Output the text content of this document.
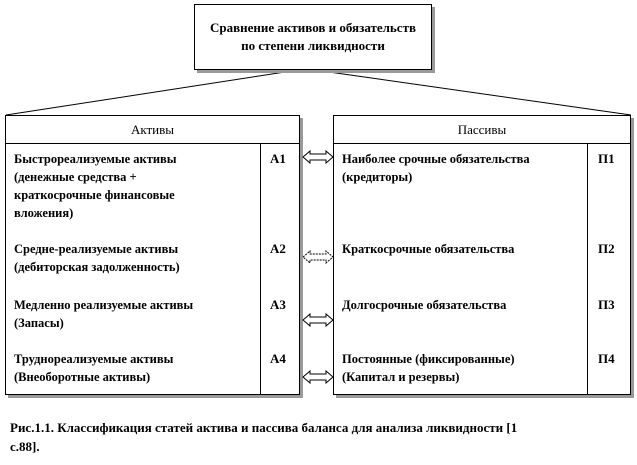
Сравнение активов и обязательств
по степени ликвидности
Активы
Быстрореализуемые активы
(денежные средства +
краткосрочные финансовые
вложения)
А1
Средне-реализуемые активы
(дебиторская задолженность)
А2
Медленно реализуемые активы
(Запасы)
А3
Труднореализуемые активы
(Внеоборотные активы)
А4
Пассивы
Наиболее срочные обязательства
(кредиторы)
П1
Краткосрочные обязательства	П2
Долгосрочные обязательства	П3
Постоянные (фиксированные)
(Капитал и резервы)
П4
Рис.1.1. Классификация статей актива и пассива баланса для анализа ликвидности [1
с.88].
